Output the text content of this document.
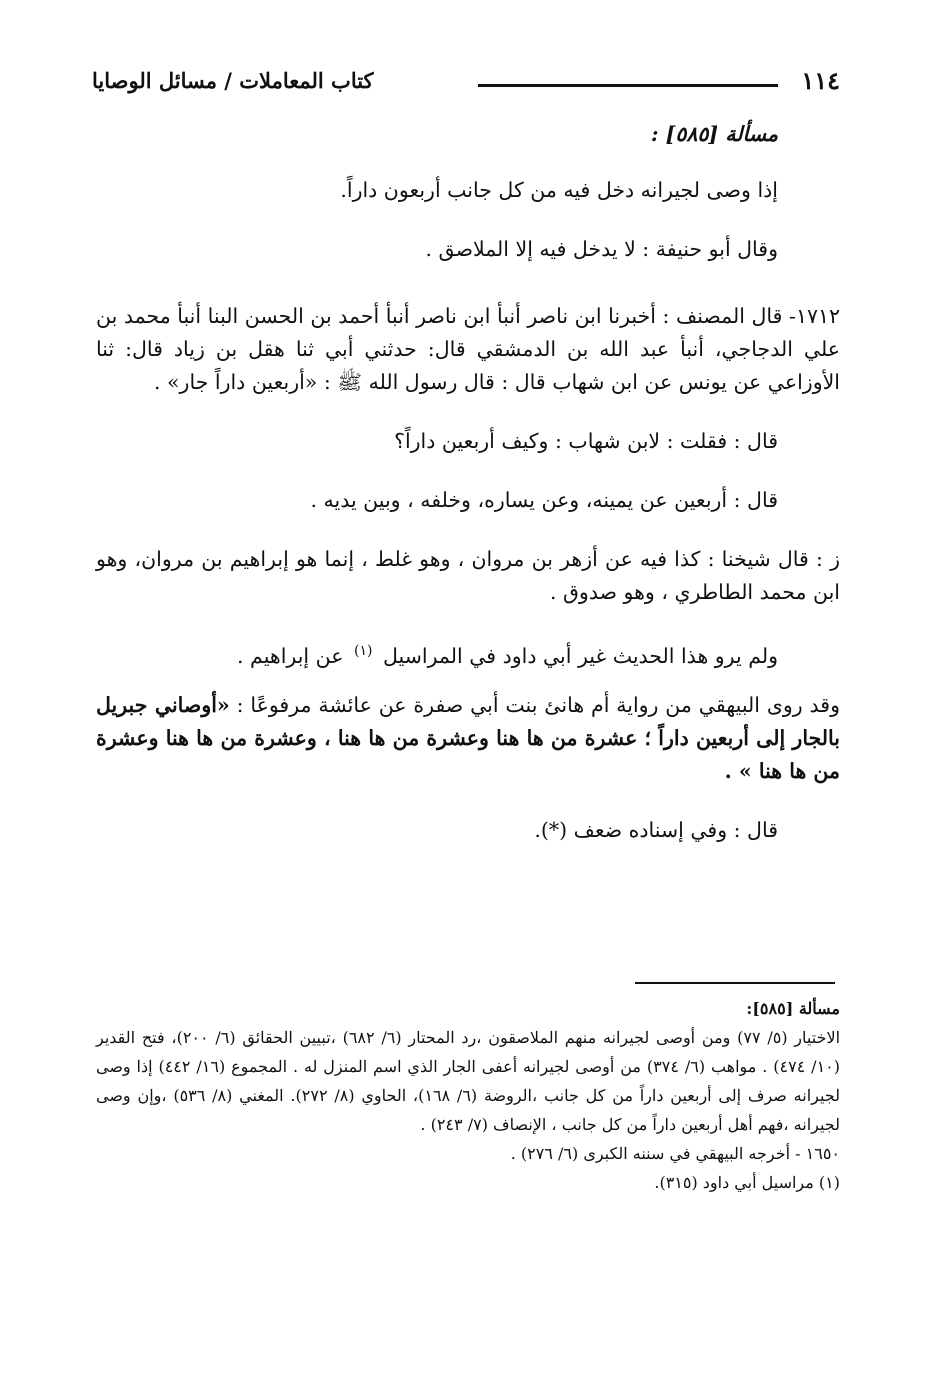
١١٤
كتاب المعاملات / مسائل الوصايا

مسألة [٥٨٥] :

إذا وصى لجيرانه دخل فيه من كل جانب أربعون داراً.

وقال أبو حنيفة : لا يدخل فيه إلا الملاصق .

١٧١٢- قال المصنف : أخبرنا ابن ناصر أنبأ ابن ناصر أنبأ أحمد بن الحسن البنا أنبأ محمد بن علي الدجاجي، أنبأ عبد الله بن الدمشقي قال: حدثني أبي ثنا هقل بن زياد قال: ثنا الأوزاعي عن يونس عن ابن شهاب قال : قال رسول الله ﷺ : «أربعين داراً جار» .

قال : فقلت : لابن شهاب : وكيف أربعين داراً؟

قال : أربعين عن يمينه، وعن يساره، وخلفه ، وبين يديه .

ز : قال شيخنا : كذا فيه عن أزهر بن مروان ، وهو غلط ، إنما هو إبراهيم بن مروان، وهو ابن محمد الطاطري ، وهو صدوق .

ولم يرو هذا الحديث غير أبي داود في المراسيل $^{(١)}$ عن إبراهيم .

وقد روى البيهقي من رواية أم هانئ بنت أبي صفرة عن عائشة مرفوعًا : «أوصاني جبريل بالجار إلى أربعين داراً ؛ عشرة من ها هنا وعشرة من ها هنا ، وعشرة من ها هنا وعشرة من ها هنا » .

قال : وفي إسناده ضعف (*).

مسألة [٥٨٥]:

الاختيار (٥/ ٧٧) ومن أوصى لجيرانه منهم الملاصقون ،رد المحتار (٦/ ٦٨٢) ،تبيين الحقائق (٦/ ٢٠٠)، فتح القدير (١٠/ ٤٧٤) . مواهب (٦/ ٣٧٤) من أوصى لجيرانه أعفى الجار الذي اسم المنزل له . المجموع (١٦/ ٤٤٢) إذا وصى لجيرانه صرف إلى أربعين داراً من كل جانب ،الروضة (٦/ ١٦٨)، الحاوي (٨/ ٢٧٢). المغني (٨/ ٥٣٦) ،وإن وصى لجيرانه ،فهم أهل أربعين داراً من كل جانب ، الإنصاف (٧/ ٢٤٣) .

١٦٥٠ - أخرجه البيهقي في سننه الكبرى (٦/ ٢٧٦) .

(١) مراسيل أبي داود (٣١٥).
